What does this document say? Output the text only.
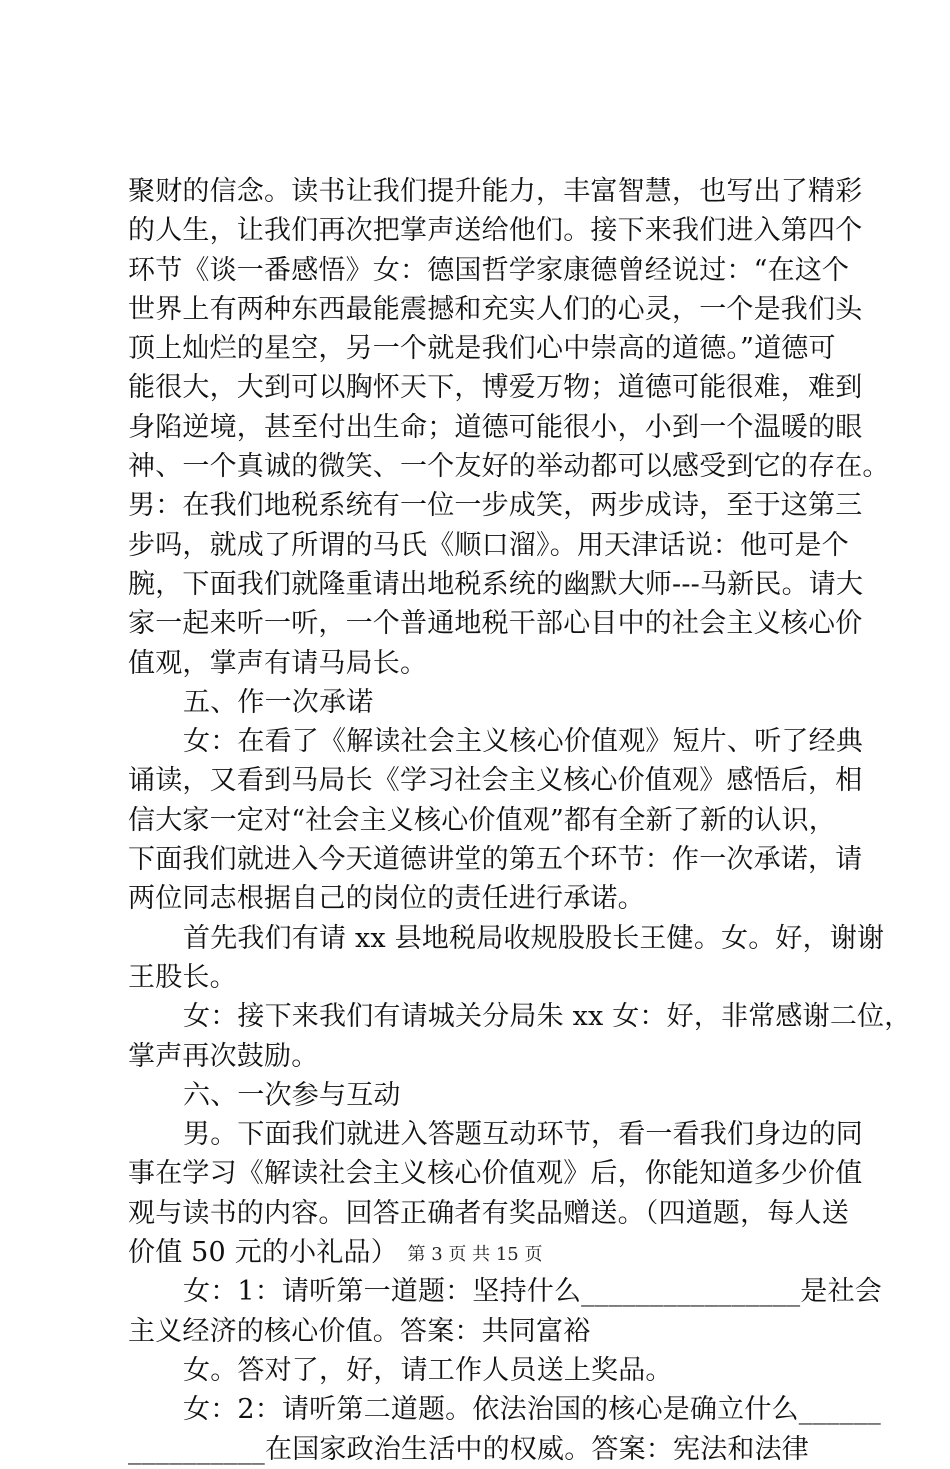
聚财的信念。读书让我们提升能力，丰富智慧，也写出了精彩
的人生，让我们再次把掌声送给他们。接下来我们进入第四个
环节《谈一番感悟》女：德国哲学家康德曾经说过：“在这个
世界上有两种东西最能震撼和充实人们的心灵，一个是我们头
顶上灿烂的星空，另一个就是我们心中崇高的道德。”道德可
能很大，大到可以胸怀天下，博爱万物；道德可能很难，难到
身陷逆境，甚至付出生命；道德可能很小，小到一个温暖的眼
神、一个真诚的微笑、一个友好的举动都可以感受到它的存在。
男：在我们地税系统有一位一步成笑，两步成诗，至于这第三
步吗，就成了所谓的马氏《顺口溜》。用天津话说：他可是个
腕，下面我们就隆重请出地税系统的幽默大师---马新民。请大
家一起来听一听，一个普通地税干部心目中的社会主义核心价
值观，掌声有请马局长。
五、作一次承诺
女：在看了《解读社会主义核心价值观》短片、听了经典
诵读，又看到马局长《学习社会主义核心价值观》感悟后，相
信大家一定对“社会主义核心价值观”都有全新了新的认识，
下面我们就进入今天道德讲堂的第五个环节：作一次承诺，请
两位同志根据自己的岗位的责任进行承诺。
首先我们有请 xx 县地税局收规股股长王健。女。好，谢谢
王股长。
女：接下来我们有请城关分局朱 xx 女：好，非常感谢二位，
掌声再次鼓励。
六、一次参与互动
男。下面我们就进入答题互动环节，看一看我们身边的同
事在学习《解读社会主义核心价值观》后，你能知道多少价值
观与读书的内容。回答正确者有奖品赠送。（四道题，每人送
价值 50 元的小礼品）
女：1：请听第一道题：坚持什么________________是社会
主义经济的核心价值。答案：共同富裕
女。答对了，好，请工作人员送上奖品。
女：2：请听第二道题。依法治国的核心是确立什么______
__________在国家政治生活中的权威。答案：宪法和法律
第 3 页 共 15 页
